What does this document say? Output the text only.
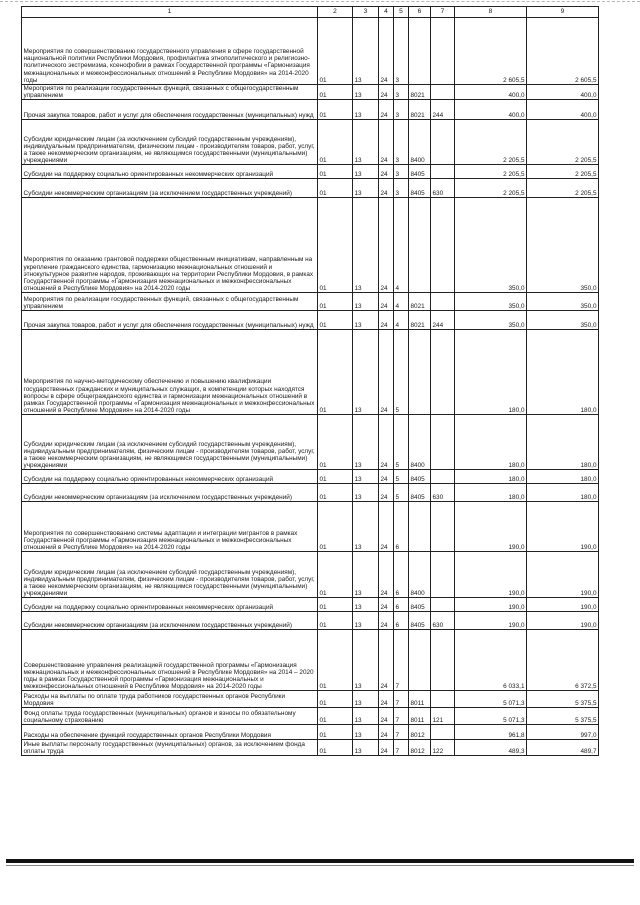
1	2	3	4	5	6	7	8	9
Мероприятия по совершенствованию государственного управления в сфере государственной национальной политики Республики Мордовия, профилактика этнополитического и религиозно-политического экстремизма, ксенофобии в рамках Государственной программы «Гармонизация межнациональных и межконфессиональных отношений в Республике Мордовия» на 2014-2020 годы	01	13	24	3			2 605,5	2 605,5
Мероприятия по реализации государственных функций, связанных с общегосударственным управлением	01	13	24	3	8021		400,0	400,0
Прочая закупка товаров, работ и услуг для обеспечения государственных (муниципальных) нужд	01	13	24	3	8021	244	400,0	400,0
Субсидии юридическим лицам (за исключением субсидий государственным учреждениям), индивидуальным предпринимателям, физическим лицам - производителям товаров, работ, услуг, а также некоммерческим организациям, не являющимся государственными (муниципальными) учреждениями	01	13	24	3	8400		2 205,5	2 205,5
Субсидии на поддержку социально ориентированных некоммерческих организаций	01	13	24	3	8405		2 205,5	2 205,5
Субсидии некоммерческим организациям (за исключением государственных учреждений)	01	13	24	3	8405	630	2 205,5	2 205,5
Мероприятия по оказанию грантовой поддержки общественным инициативам, направленным на укрепление гражданского единства, гармонизацию межнациональных отношений и этнокультурное развитие народов, проживающих на территории Республики Мордовия, в рамках Государственной программы «Гармонизация межнациональных и межконфессиональных отношений в Республике Мордовия» на 2014-2020 годы	01	13	24	4			350,0	350,0
Мероприятия по реализации государственных функций, связанных с общегосударственным управлением	01	13	24	4	8021		350,0	350,0
Прочая закупка товаров, работ и услуг для обеспечения государственных (муниципальных) нужд	01	13	24	4	8021	244	350,0	350,0
Мероприятия по научно-методическому обеспечению и повышению квалификации государственных гражданских и муниципальных служащих, в компетенции которых находятся вопросы в сфере общегражданского единства и гармонизации межнациональных отношений в рамках Государственной программы «Гармонизация межнациональных и межконфессиональных отношений в Республике Мордовия» на 2014-2020 годы	01	13	24	5			180,0	180,0
Субсидии юридическим лицам (за исключением субсидий государственным учреждениям), индивидуальным предпринимателям, физическим лицам - производителям товаров, работ, услуг, а также некоммерческим организациям, не являющимся государственными (муниципальными) учреждениями	01	13	24	5	8400		180,0	180,0
Субсидии на поддержку социально ориентированных некоммерческих организаций	01	13	24	5	8405		180,0	180,0
Субсидии некоммерческим организациям (за исключением государственных учреждений)	01	13	24	5	8405	630	180,0	180,0
Мероприятия по совершенствованию системы адаптации и интеграции мигрантов в рамках Государственной программы «Гармонизация межнациональных и межконфессиональных отношений в Республике Мордовия» на 2014-2020 годы	01	13	24	6			190,0	190,0
Субсидии юридическим лицам (за исключением субсидий государственным учреждениям), индивидуальным предпринимателям, физическим лицам - производителям товаров, работ, услуг, а также некоммерческим организациям, не являющимся государственными (муниципальными) учреждениями	01	13	24	6	8400		190,0	190,0
Субсидии на поддержку социально ориентированных некоммерческих организаций	01	13	24	6	8405		190,0	190,0
Субсидии некоммерческим организациям (за исключением государственных учреждений)	01	13	24	6	8405	630	190,0	190,0
Совершенствование управления реализацией государственной программы «Гармонизация межнациональных и межконфессиональных отношений в Республике Мордовия» на 2014 – 2020 годы в рамках Государственной программы «Гармонизация межнациональных и межконфессиональных отношений в Республике Мордовия» на 2014-2020 годы	01	13	24	7			6 033,1	6 372,5
Расходы на выплаты по оплате труда работников государственных органов Республики Мордовия	01	13	24	7	8011		5 071,3	5 375,5
Фонд оплаты труда государственных (муниципальных) органов и взносы по обязательному социальному страхованию	01	13	24	7	8011	121	5 071,3	5 375,5
Расходы на обеспечение функций государственных органов Республики Мордовия	01	13	24	7	8012		961,8	997,0
Иные выплаты персоналу государственных (муниципальных) органов, за исключением фонда оплаты труда	01	13	24	7	8012	122	489,3	489,7
